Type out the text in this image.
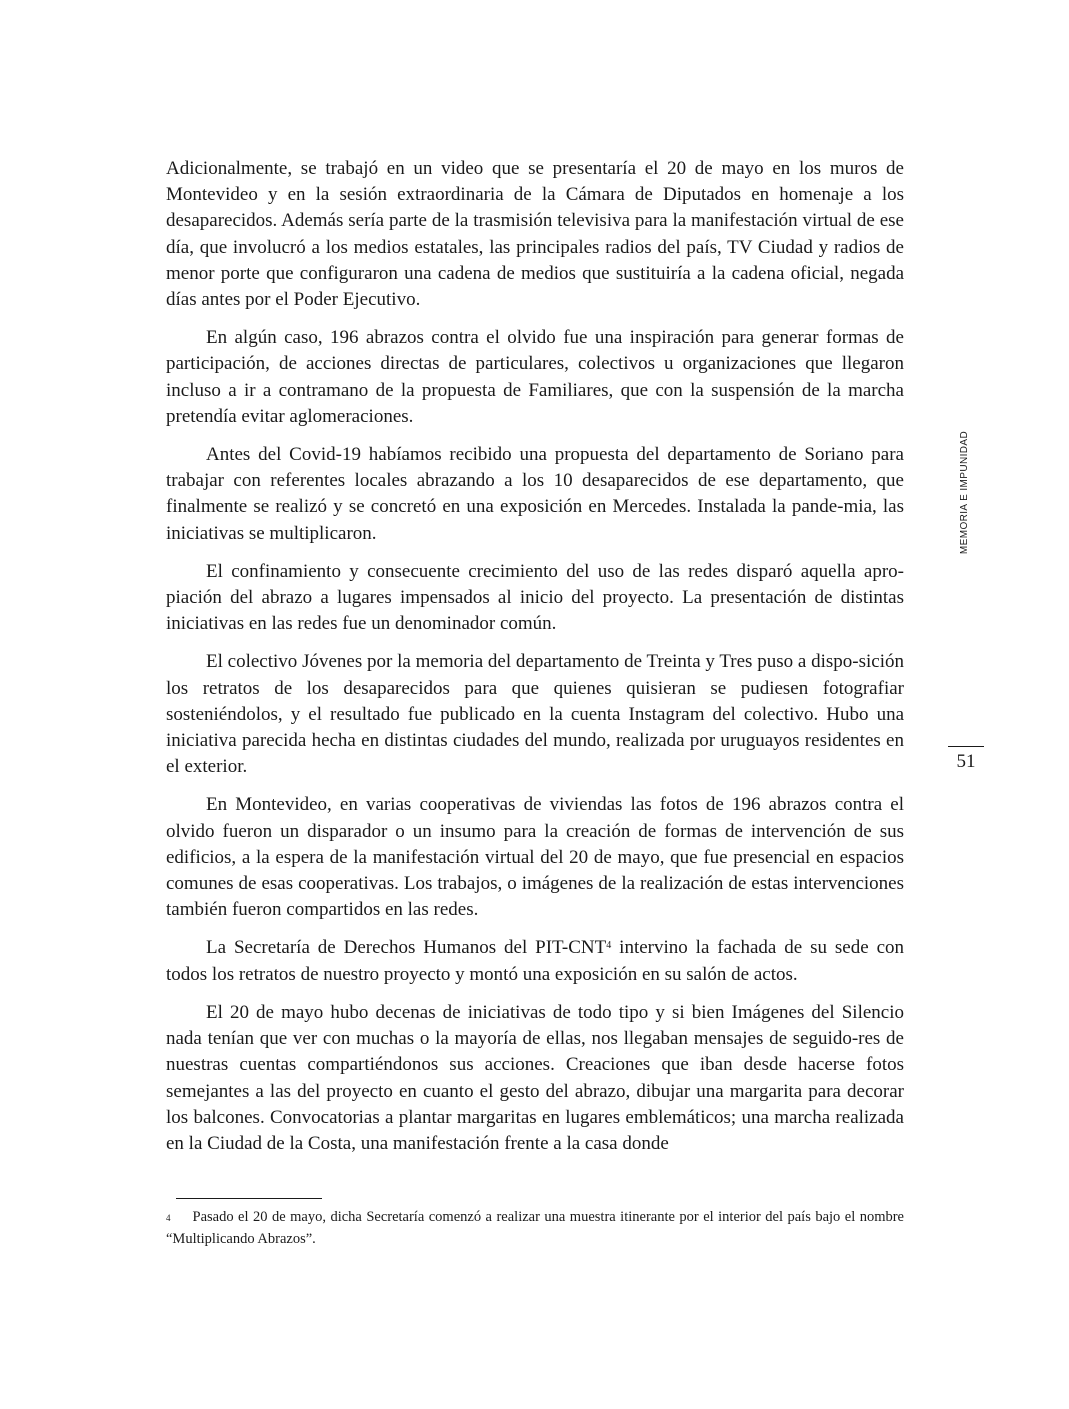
Adicionalmente, se trabajó en un video que se presentaría el 20 de mayo en los muros de Montevideo y en la sesión extraordinaria de la Cámara de Diputados en homenaje a los desaparecidos. Además sería parte de la trasmisión televisiva para la manifestación virtual de ese día, que involucró a los medios estatales, las principales radios del país, TV Ciudad y radios de menor porte que configuraron una cadena de medios que sustituiría a la cadena oficial, negada días antes por el Poder Ejecutivo.

En algún caso, 196 abrazos contra el olvido fue una inspiración para generar formas de participación, de acciones directas de particulares, colectivos u organizaciones que llegaron incluso a ir a contramano de la propuesta de Familiares, que con la suspensión de la marcha pretendía evitar aglomeraciones.

Antes del Covid-19 habíamos recibido una propuesta del departamento de Soriano para trabajar con referentes locales abrazando a los 10 desaparecidos de ese departamento, que finalmente se realizó y se concretó en una exposición en Mercedes. Instalada la pande-mia, las iniciativas se multiplicaron.

El confinamiento y consecuente crecimiento del uso de las redes disparó aquella apro-piación del abrazo a lugares impensados al inicio del proyecto. La presentación de distintas iniciativas en las redes fue un denominador común.

El colectivo Jóvenes por la memoria del departamento de Treinta y Tres puso a dispo-sición los retratos de los desaparecidos para que quienes quisieran se pudiesen fotografiar sosteniéndolos, y el resultado fue publicado en la cuenta Instagram del colectivo. Hubo una iniciativa parecida hecha en distintas ciudades del mundo, realizada por uruguayos residentes en el exterior.

En Montevideo, en varias cooperativas de viviendas las fotos de 196 abrazos contra el olvido fueron un disparador o un insumo para la creación de formas de intervención de sus edificios, a la espera de la manifestación virtual del 20 de mayo, que fue presencial en espacios comunes de esas cooperativas. Los trabajos, o imágenes de la realización de estas intervenciones también fueron compartidos en las redes.

La Secretaría de Derechos Humanos del PIT-CNT$^4$ intervino la fachada de su sede con todos los retratos de nuestro proyecto y montó una exposición en su salón de actos.

El 20 de mayo hubo decenas de iniciativas de todo tipo y si bien Imágenes del Silencio nada tenían que ver con muchas o la mayoría de ellas, nos llegaban mensajes de seguido-res de nuestras cuentas compartiéndonos sus acciones. Creaciones que iban desde hacerse fotos semejantes a las del proyecto en cuanto el gesto del abrazo, dibujar una margarita para decorar los balcones. Convocatorias a plantar margaritas en lugares emblemáticos; una marcha realizada en la Ciudad de la Costa, una manifestación frente a la casa donde

MEMORIA E IMPUNIDAD
51
$^4$ Pasado el 20 de mayo, dicha Secretaría comenzó a realizar una muestra itinerante por el interior del país bajo el nombre “Multiplicando Abrazos”.
